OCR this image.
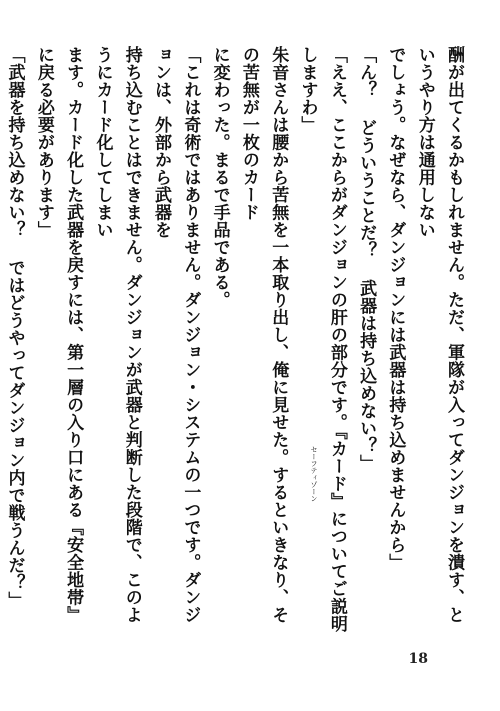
酬が出てくるかもしれません。ただ、軍隊が入ってダンジョンを潰す、というやり方は通用しない

でしょう。なぜなら、ダンジョンには武器は持ち込めませんから」

「ん？ どういうことだ？ 武器は持ち込めない？」

「ええ、ここからがダンジョンの肝の部分です。『カード』についてご説明しますわ」

朱音さんは腰から苦無を一本取り出し、俺に見せた。するといきなり、その苦無が一枚のカード

に変わった。まるで手品である。

「これは奇術ではありません。ダンジョン・システムの一つです。ダンジョンは、外部から武器を

持ち込むことはできません。ダンジョンが武器と判断した段階で、このようにカード化してしまい

ます。カード化した武器を戻すには、第一層の入り口にある『安全地帯』に戻る必要があります」

「武器を持ち込めない？ ではどうやってダンジョン内で戦うんだ？」	セーフティゾーン
18
